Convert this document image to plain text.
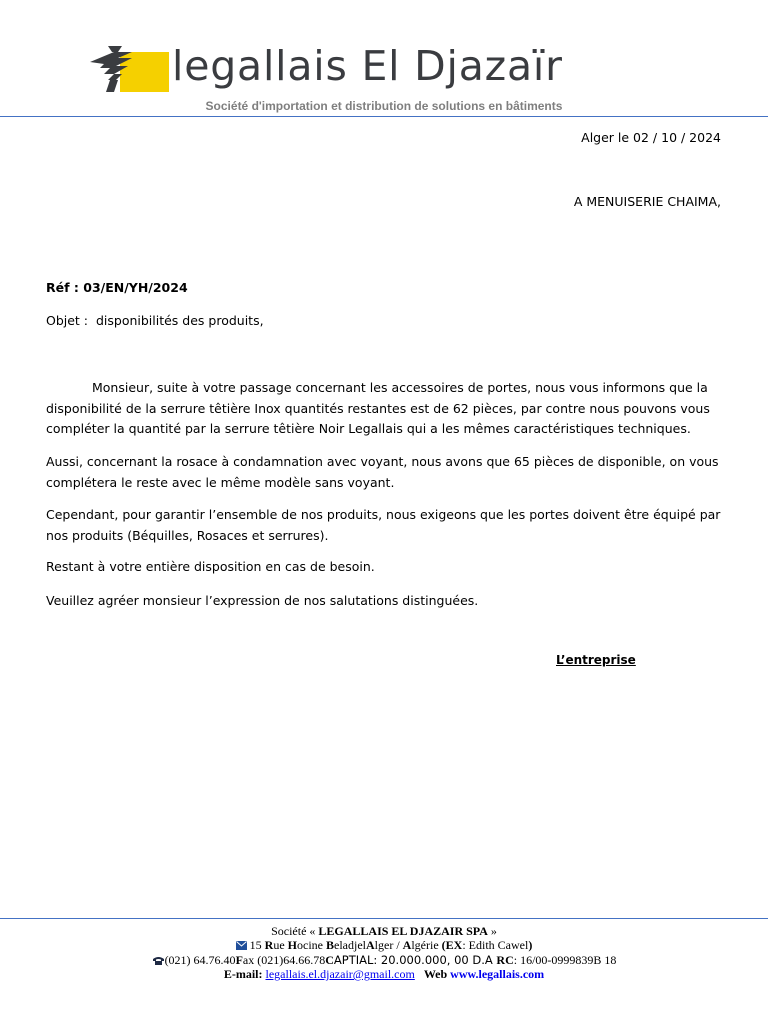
legallais El Djazaïr
Société d'importation et distribution de solutions en bâtiments
Alger le 02 / 10 / 2024
A MENUISERIE CHAIMA,
Réf : 03/EN/YH/2024
Objet :  disponibilités des produits,
Monsieur, suite à votre passage concernant les accessoires de portes, nous vous informons que la disponibilité de la serrure têtière Inox quantités restantes est de 62 pièces, par contre nous pouvons vous compléter la quantité par la serrure têtière Noir Legallais qui a les mêmes caractéristiques techniques.
Aussi, concernant la rosace à condamnation avec voyant, nous avons que 65 pièces de disponible, on vous complétera le reste avec le même modèle sans voyant.
Cependant, pour garantir l’ensemble de nos produits, nous exigeons que les portes doivent être équipé par nos produits (Béquilles, Rosaces et serrures).
Restant à votre entière disposition en cas de besoin.
Veuillez agréer monsieur l’expression de nos salutations distinguées.
L’entreprise
Société « LEGALLAIS EL DJAZAIR SPA »
15 Rue Hocine BeladjelAlger / Algérie (EX: Edith Cawel)
(021) 64.76.40Fax (021)64.66.78CAPTIAL: 20.000.000, 00 D.A RC: 16/00-0999839B 18
E-mail: legallais.el.djazair@gmail.com Web www.legallais.com
